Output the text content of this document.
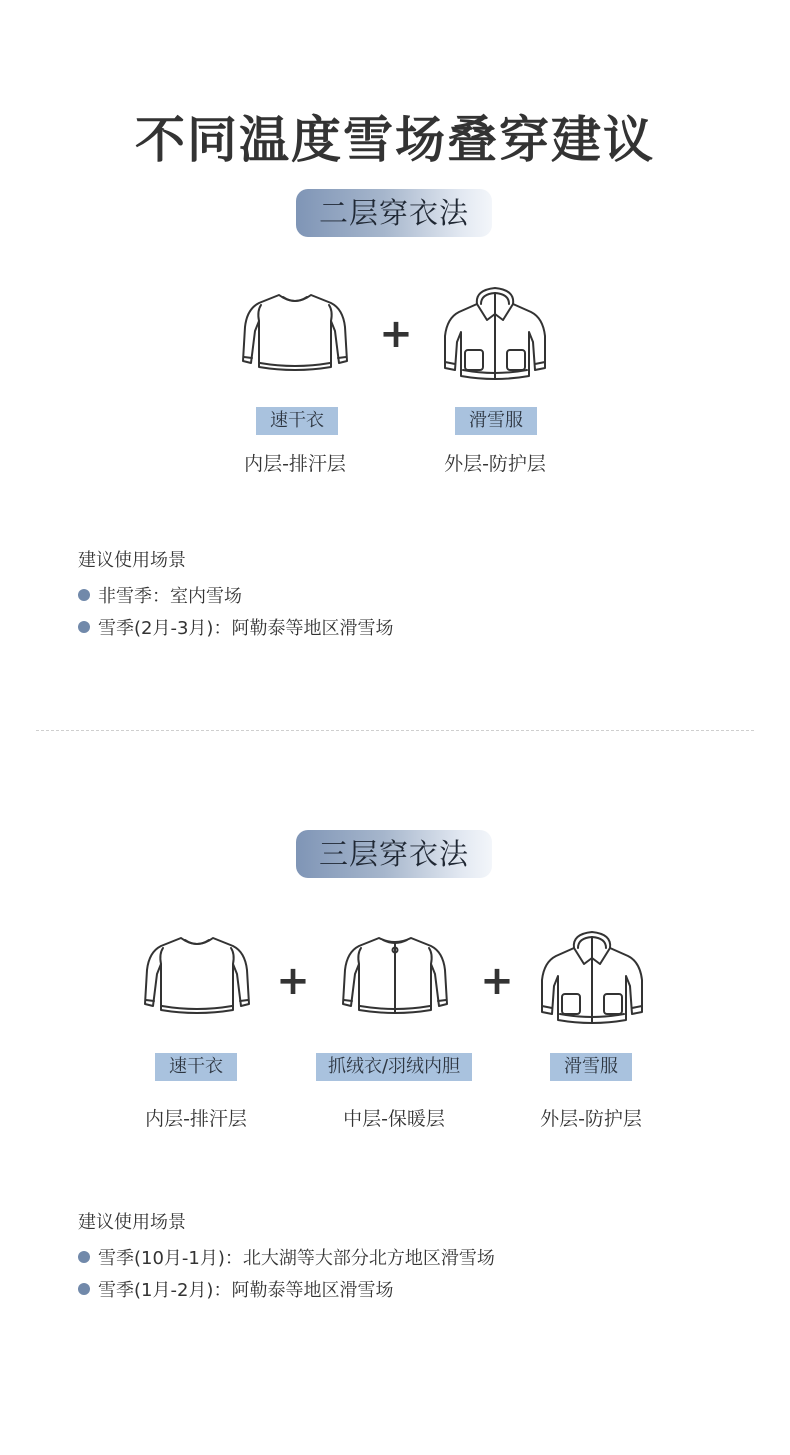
不同温度雪场叠穿建议
二层穿衣法
+
速干衣	滑雪服
内层-排汗层	外层-防护层
建议使用场景
非雪季：室内雪场
雪季(2月-3月)：阿勒泰等地区滑雪场
三层穿衣法
+	+
速干衣	抓绒衣/羽绒内胆	滑雪服
内层-排汗层	中层-保暖层	外层-防护层
建议使用场景
雪季(10月-1月)：北大湖等大部分北方地区滑雪场
雪季(1月-2月)：阿勒泰等地区滑雪场
